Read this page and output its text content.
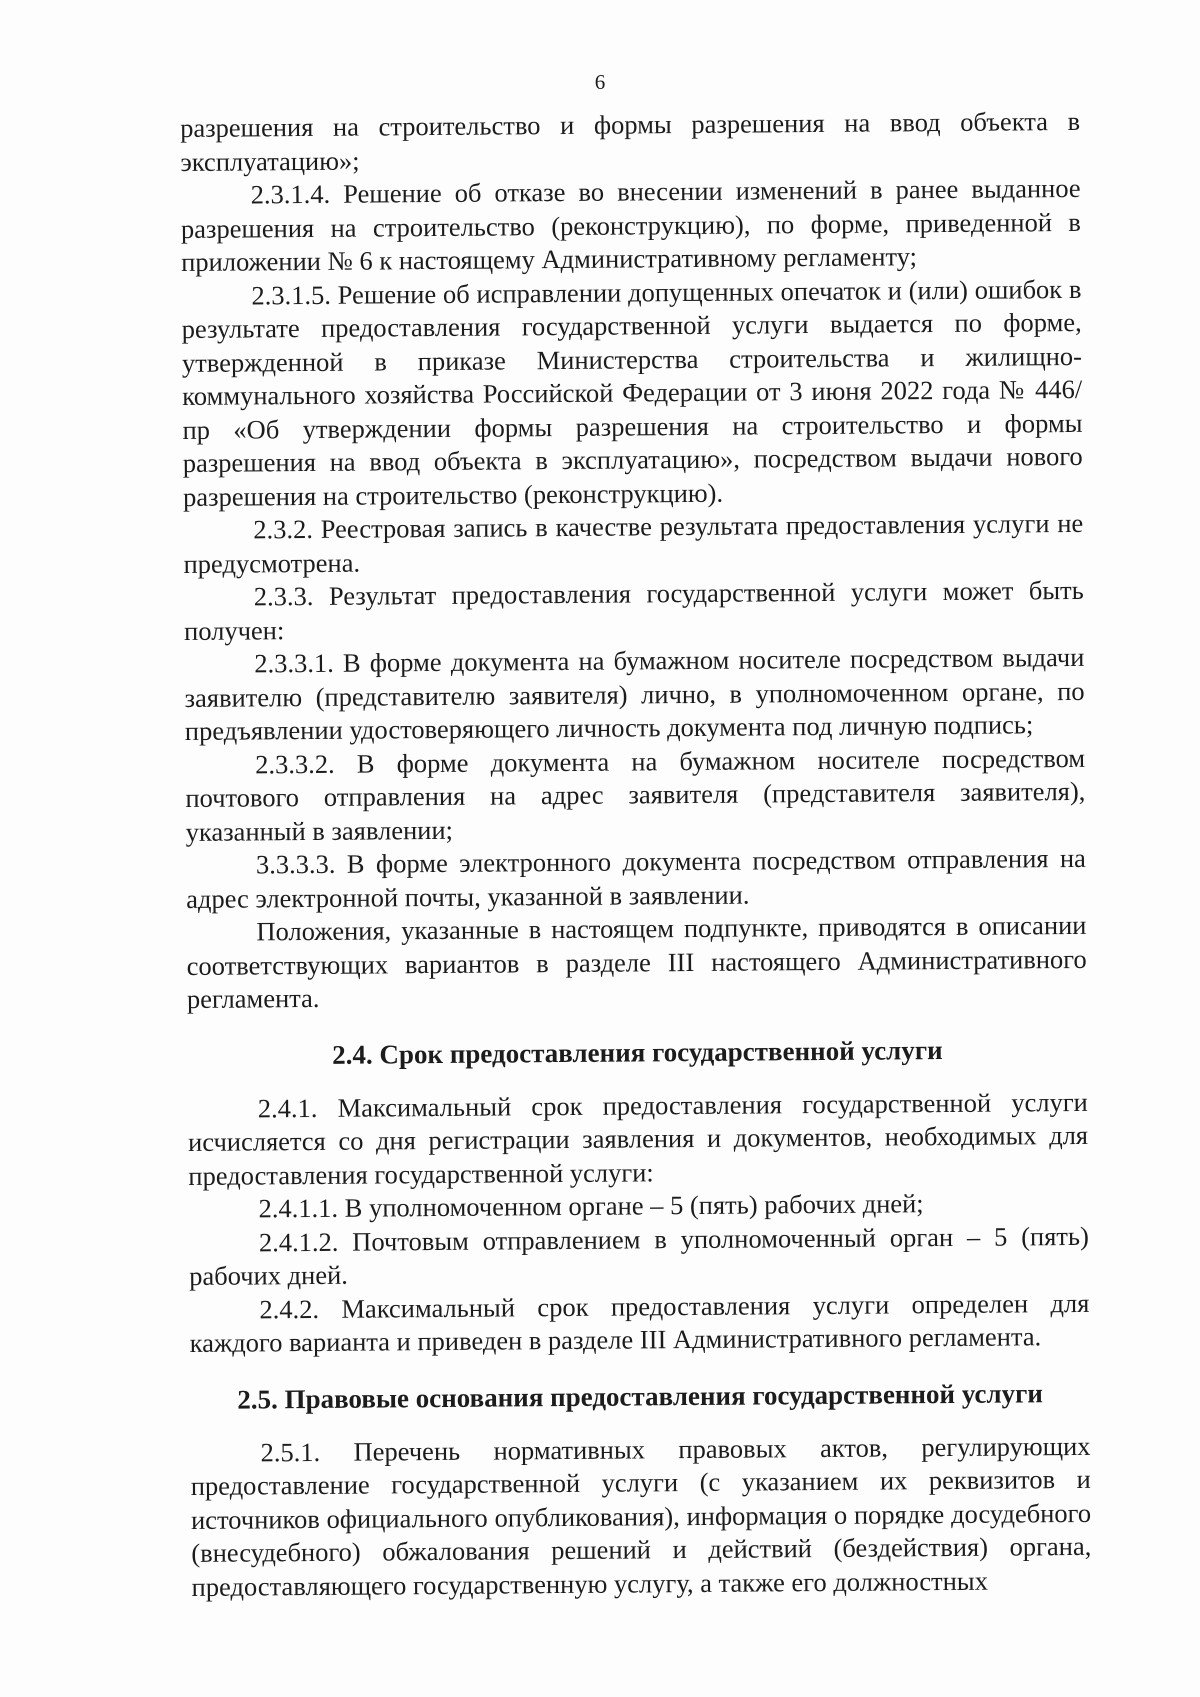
6

разрешения на строительство и формы разрешения на ввод объекта в эксплуатацию»;

2.3.1.4. Решение об отказе во внесении изменений в ранее выданное разрешения на строительство (реконструкцию), по форме, приведенной в приложении № 6 к настоящему Административному регламенту;

2.3.1.5. Решение об исправлении допущенных опечаток и (или) ошибок в результате предоставления государственной услуги выдается по форме, утвержденной в приказе Министерства строительства и жилищно-коммунального хозяйства Российской Федерации от 3 июня 2022 года № 446/пр «Об утверждении формы разрешения на строительство и формы разрешения на ввод объекта в эксплуатацию», посредством выдачи нового разрешения на строительство (реконструкцию).

2.3.2. Реестровая запись в качестве результата предоставления услуги не предусмотрена.

2.3.3. Результат предоставления государственной услуги может быть получен:

2.3.3.1. В форме документа на бумажном носителе посредством выдачи заявителю (представителю заявителя) лично, в уполномоченном органе, по предъявлении удостоверяющего личность документа под личную подпись;

2.3.3.2. В форме документа на бумажном носителе посредством почтового отправления на адрес заявителя (представителя заявителя), указанный в заявлении;

3.3.3.3. В форме электронного документа посредством отправления на адрес электронной почты, указанной в заявлении.

Положения, указанные в настоящем подпункте, приводятся в описании соответствующих вариантов в разделе III настоящего Административного регламента.

2.4. Срок предоставления государственной услуги

2.4.1. Максимальный срок предоставления государственной услуги исчисляется со дня регистрации заявления и документов, необходимых для предоставления государственной услуги:

2.4.1.1. В уполномоченном органе – 5 (пять) рабочих дней;

2.4.1.2. Почтовым отправлением в уполномоченный орган – 5 (пять) рабочих дней.

2.4.2. Максимальный срок предоставления услуги определен для каждого варианта и приведен в разделе III Административного регламента.

2.5. Правовые основания предоставления государственной услуги

2.5.1. Перечень нормативных правовых актов, регулирующих предоставление государственной услуги (с указанием их реквизитов и источников официального опубликования), информация о порядке досудебного (внесудебного) обжалования решений и действий (бездействия) органа, предоставляющего государственную услугу, а также его должностных
